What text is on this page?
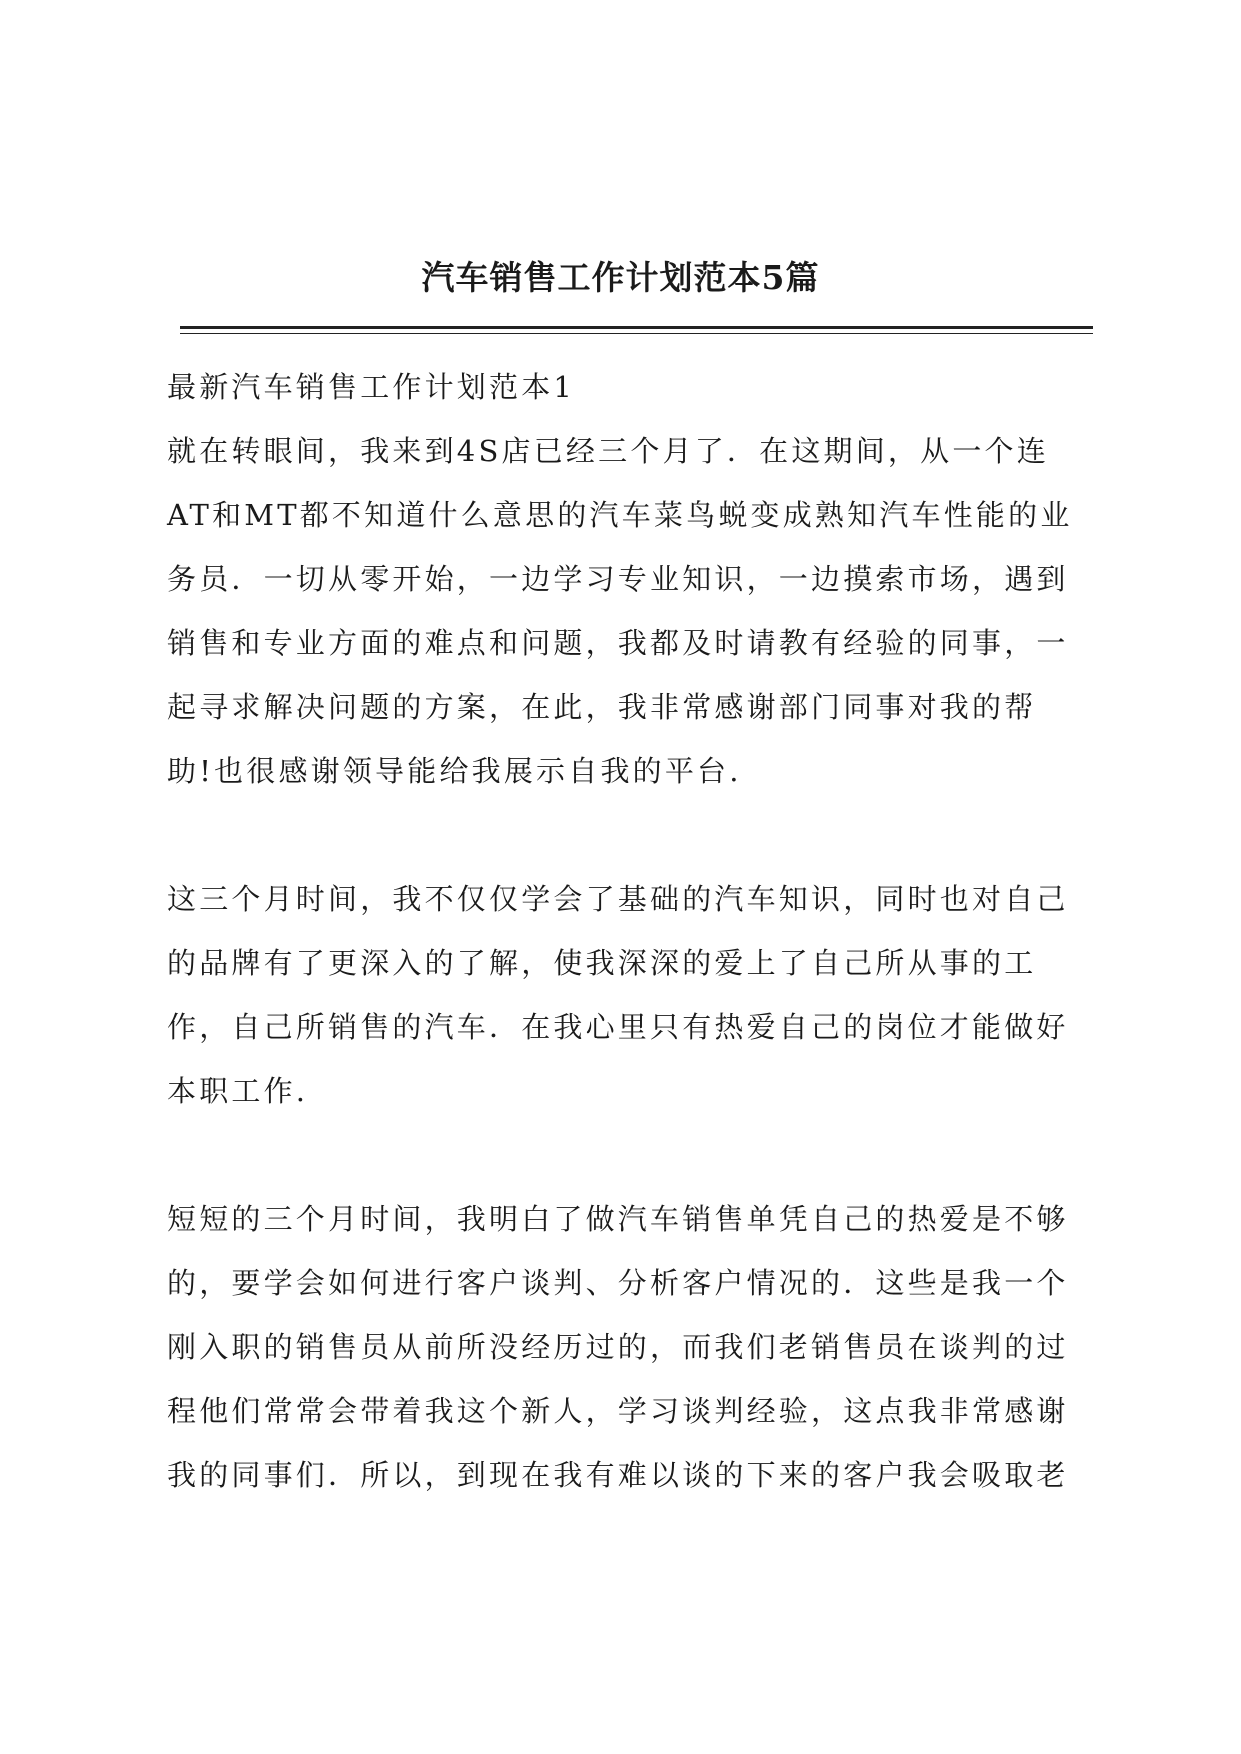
汽车销售工作计划范本5篇
最新汽车销售工作计划范本1
就在转眼间，我来到4S店已经三个月了．在这期间，从一个连
AT和MT都不知道什么意思的汽车菜鸟蜕变成熟知汽车性能的业
务员．一切从零开始，一边学习专业知识，一边摸索市场，遇到
销售和专业方面的难点和问题，我都及时请教有经验的同事，一
起寻求解决问题的方案，在此，我非常感谢部门同事对我的帮
助!也很感谢领导能给我展示自我的平台.
这三个月时间，我不仅仅学会了基础的汽车知识，同时也对自己
的品牌有了更深入的了解，使我深深的爱上了自己所从事的工
作，自己所销售的汽车．在我心里只有热爱自己的岗位才能做好
本职工作.
短短的三个月时间，我明白了做汽车销售单凭自己的热爱是不够
的，要学会如何进行客户谈判、分析客户情况的．这些是我一个
刚入职的销售员从前所没经历过的，而我们老销售员在谈判的过
程他们常常会带着我这个新人，学习谈判经验，这点我非常感谢
我的同事们．所以，到现在我有难以谈的下来的客户我会吸取老
